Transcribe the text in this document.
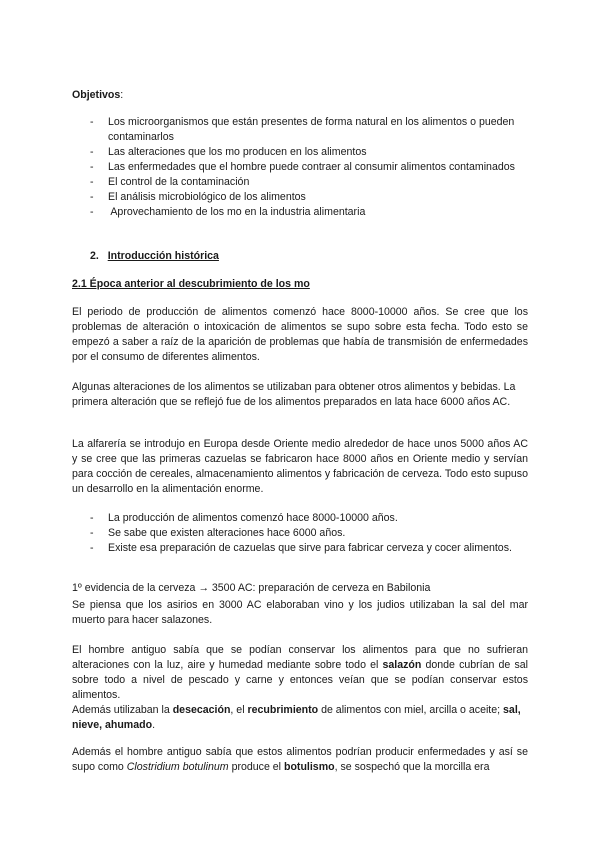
Objetivos:
- Los microorganismos que están presentes de forma natural en los alimentos o pueden contaminarlos
- Las alteraciones que los mo producen en los alimentos
- Las enfermedades que el hombre puede contraer al consumir alimentos contaminados
- El control de la contaminación
- El análisis microbiológico de los alimentos
- Aprovechamiento de los mo en la industria alimentaria
2. Introducción histórica
2.1 Época anterior al descubrimiento de los mo
El periodo de producción de alimentos comenzó hace 8000-10000 años. Se cree que los problemas de alteración o intoxicación de alimentos se supo sobre esta fecha. Todo esto se empezó a saber a raíz de la aparición de problemas que había de transmisión de enfermedades por el consumo de diferentes alimentos.
Algunas alteraciones de los alimentos se utilizaban para obtener otros alimentos y bebidas. La primera alteración que se reflejó fue de los alimentos preparados en lata hace 6000 años AC.
La alfarería se introdujo en Europa desde Oriente medio alrededor de hace unos 5000 años AC y se cree que las primeras cazuelas se fabricaron hace 8000 años en Oriente medio y servían para cocción de cereales, almacenamiento alimentos y fabricación de cerveza. Todo esto supuso un desarrollo en la alimentación enorme.
- La producción de alimentos comenzó hace 8000-10000 años.
- Se sabe que existen alteraciones hace 6000 años.
- Existe esa preparación de cazuelas que sirve para fabricar cerveza y cocer alimentos.
1º evidencia de la cerveza → 3500 AC: preparación de cerveza en Babilonia
Se piensa que los asirios en 3000 AC elaboraban vino y los judios utilizaban la sal del mar muerto para hacer salazones.
El hombre antiguo sabía que se podían conservar los alimentos para que no sufrieran alteraciones con la luz, aire y humedad mediante sobre todo el salazón donde cubrían de sal sobre todo a nivel de pescado y carne y entonces veían que se podían conservar estos alimentos.
Además utilizaban la desecación, el recubrimiento de alimentos con miel, arcilla o aceite; sal, nieve, ahumado.
Además el hombre antiguo sabía que estos alimentos podrían producir enfermedades y así se supo como Clostridium botulinum produce el botulismo, se sospechó que la morcilla era
